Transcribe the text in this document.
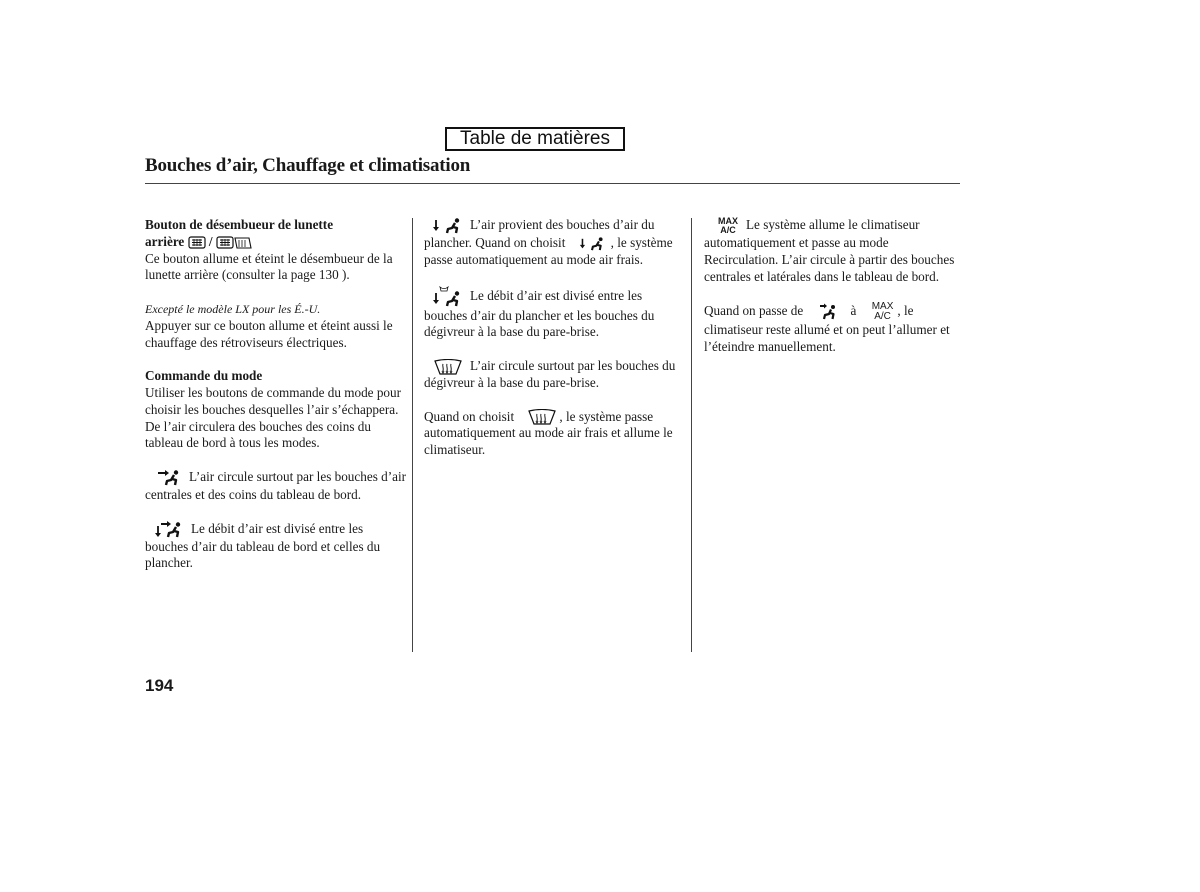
Table de matières
Bouches d’air, Chauffage et climatisation

Bouton de désembueur de lunette

arrière /

Ce bouton allume et éteint le désembueur de la lunette arrière (consulter la page 130 ).

Excepté le modèle LX pour les É.-U.

Appuyer sur ce bouton allume et éteint aussi le chauffage des rétroviseurs électriques.

Commande du mode

Utiliser les boutons de commande du mode pour choisir les bouches desquelles l’air s’échappera. De l’air circulera des bouches des coins du tableau de bord à tous les modes.

L’air circule surtout par les bouches d’air centrales et des coins du tableau de bord.

Le débit d’air est divisé entre les bouches d’air du tableau de bord et celles du plancher.

L’air provient des bouches d’air du plancher. Quand on choisit	, le système passe automatiquement au mode air frais.

Le débit d’air est divisé entre les bouches d’air du plancher et les bouches du dégivreur à la base du pare-brise.

L’air circule surtout par les bouches du dégivreur à la base du pare-brise.

Quand on choisit	, le système passe automatiquement au mode air frais et allume le climatiseur.

MAX
A/C Le système allume le climatiseur automatiquement et passe au mode Recirculation. L’air circule à partir des bouches centrales et latérales dans le tableau de bord.

Quand on passe de	à MAX
A/C , le climatiseur reste allumé et on peut l’allumer et l’éteindre manuellement.

194
